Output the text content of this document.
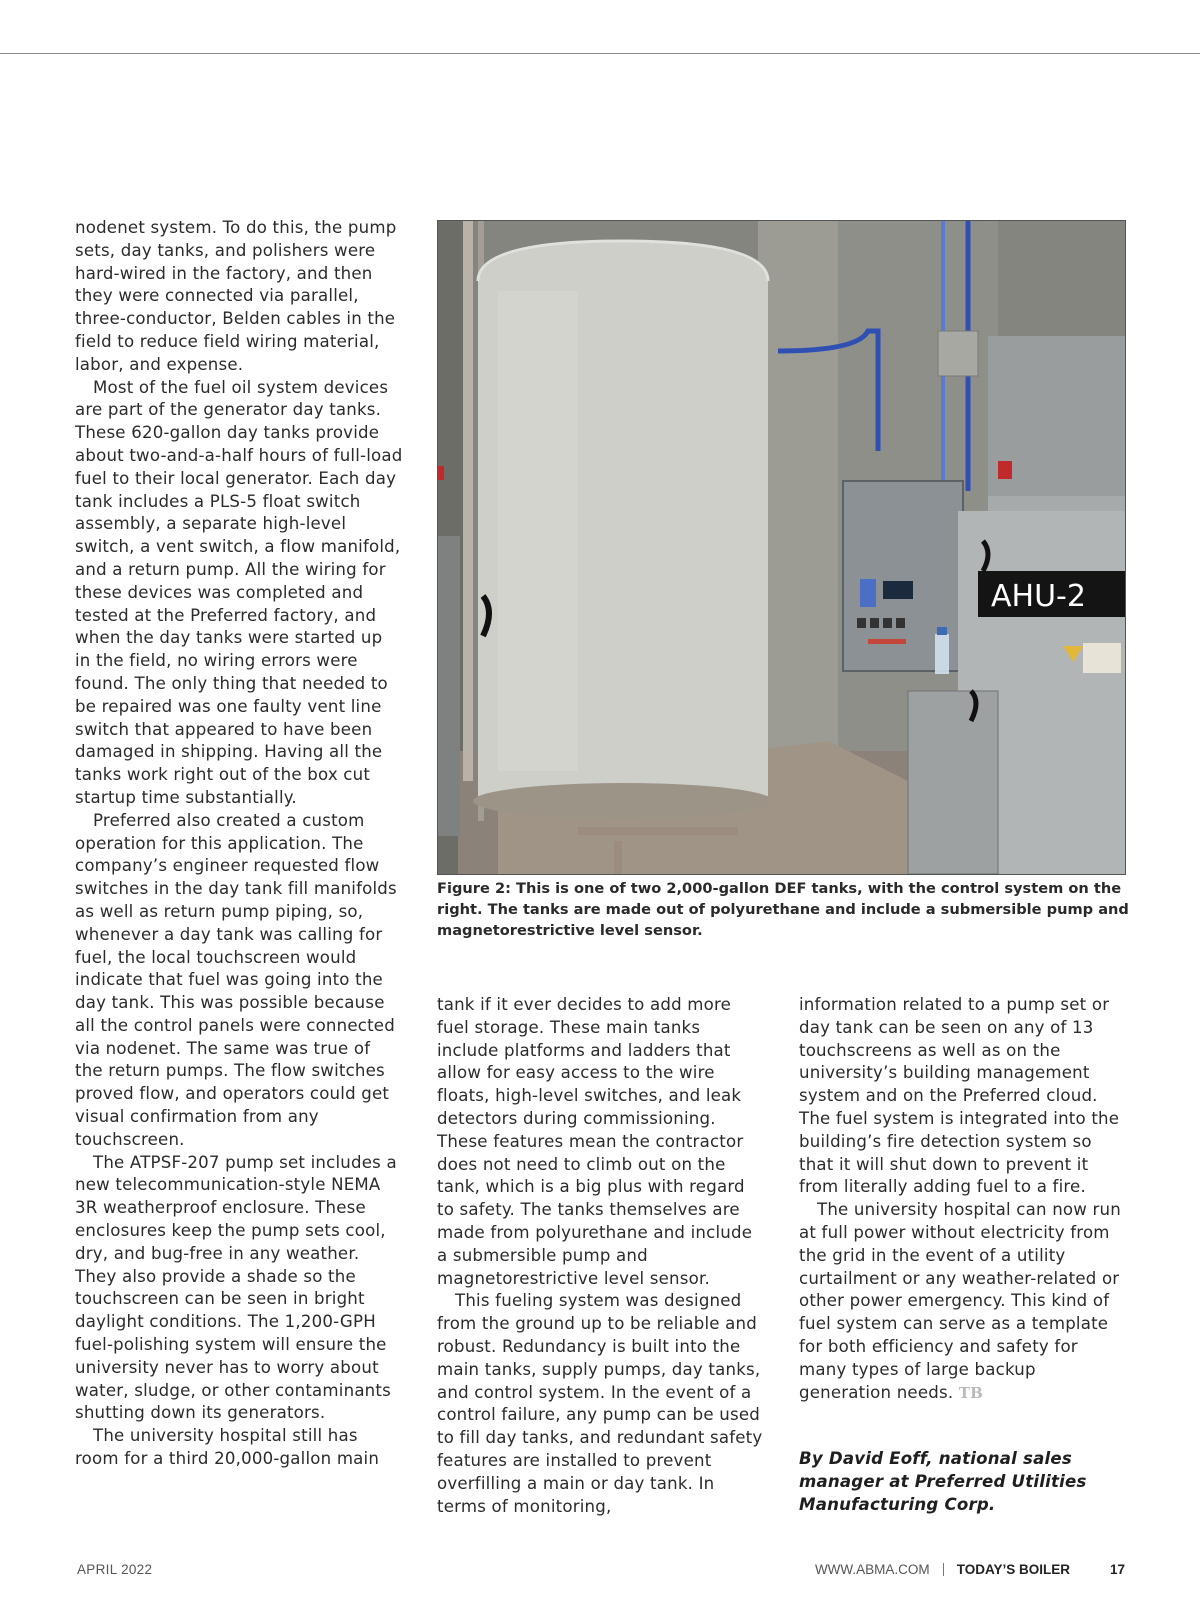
nodenet system. To do this, the pump sets, day tanks, and polishers were hard-wired in the factory, and then they were connected via parallel, three-conductor, Belden cables in the field to reduce field wiring material, labor, and expense.

Most of the fuel oil system devices are part of the generator day tanks. These 620-gallon day tanks provide about two-and-a-half hours of full-load fuel to their local generator. Each day tank includes a PLS-5 float switch assembly, a separate high-level switch, a vent switch, a flow manifold, and a return pump. All the wiring for these devices was completed and tested at the Preferred factory, and when the day tanks were started up in the field, no wiring errors were found. The only thing that needed to be repaired was one faulty vent line switch that appeared to have been damaged in shipping. Having all the tanks work right out of the box cut startup time substantially.

Preferred also created a custom operation for this application. The company’s engineer requested flow switches in the day tank fill manifolds as well as return pump piping, so, whenever a day tank was calling for fuel, the local touchscreen would indicate that fuel was going into the day tank. This was possible because all the control panels were connected via nodenet. The same was true of the return pumps. The flow switches proved flow, and operators could get visual confirmation from any touchscreen.

The ATPSF-207 pump set includes a new telecommunication-style NEMA 3R weatherproof enclosure. These enclosures keep the pump sets cool, dry, and bug-free in any weather. They also provide a shade so the touchscreen can be seen in bright daylight conditions. The 1,200-GPH fuel-polishing system will ensure the university never has to worry about water, sludge, or other contaminants shutting down its generators.

The university hospital still has room for a third 20,000-gallon main

AHU-2
Figure 2: This is one of two 2,000-gallon DEF tanks, with the control system on the right. The tanks are made out of polyurethane and include a submersible pump and magnetorestrictive level sensor.

tank if it ever decides to add more fuel storage. These main tanks include platforms and ladders that allow for easy access to the wire floats, high-level switches, and leak detectors during commissioning. These features mean the contractor does not need to climb out on the tank, which is a big plus with regard to safety. The tanks themselves are made from polyurethane and include a submersible pump and magnetorestrictive level sensor.

This fueling system was designed from the ground up to be reliable and robust. Redundancy is built into the main tanks, supply pumps, day tanks, and control system. In the event of a control failure, any pump can be used to fill day tanks, and redundant safety features are installed to prevent overfilling a main or day tank. In terms of monitoring,

information related to a pump set or day tank can be seen on any of 13 touchscreens as well as on the university’s building management system and on the Preferred cloud. The fuel system is integrated into the building’s fire detection system so that it will shut down to prevent it from literally adding fuel to a fire.

The university hospital can now run at full power without electricity from the grid in the event of a utility curtailment or any weather-related or other power emergency. This kind of fuel system can serve as a template for both efficiency and safety for many types of large backup generation needs. TB

By David Eoff, national sales manager at Preferred Utilities Manufacturing Corp.

APRIL 2022	WWW.ABMA.COM TODAY’S BOILER	17
